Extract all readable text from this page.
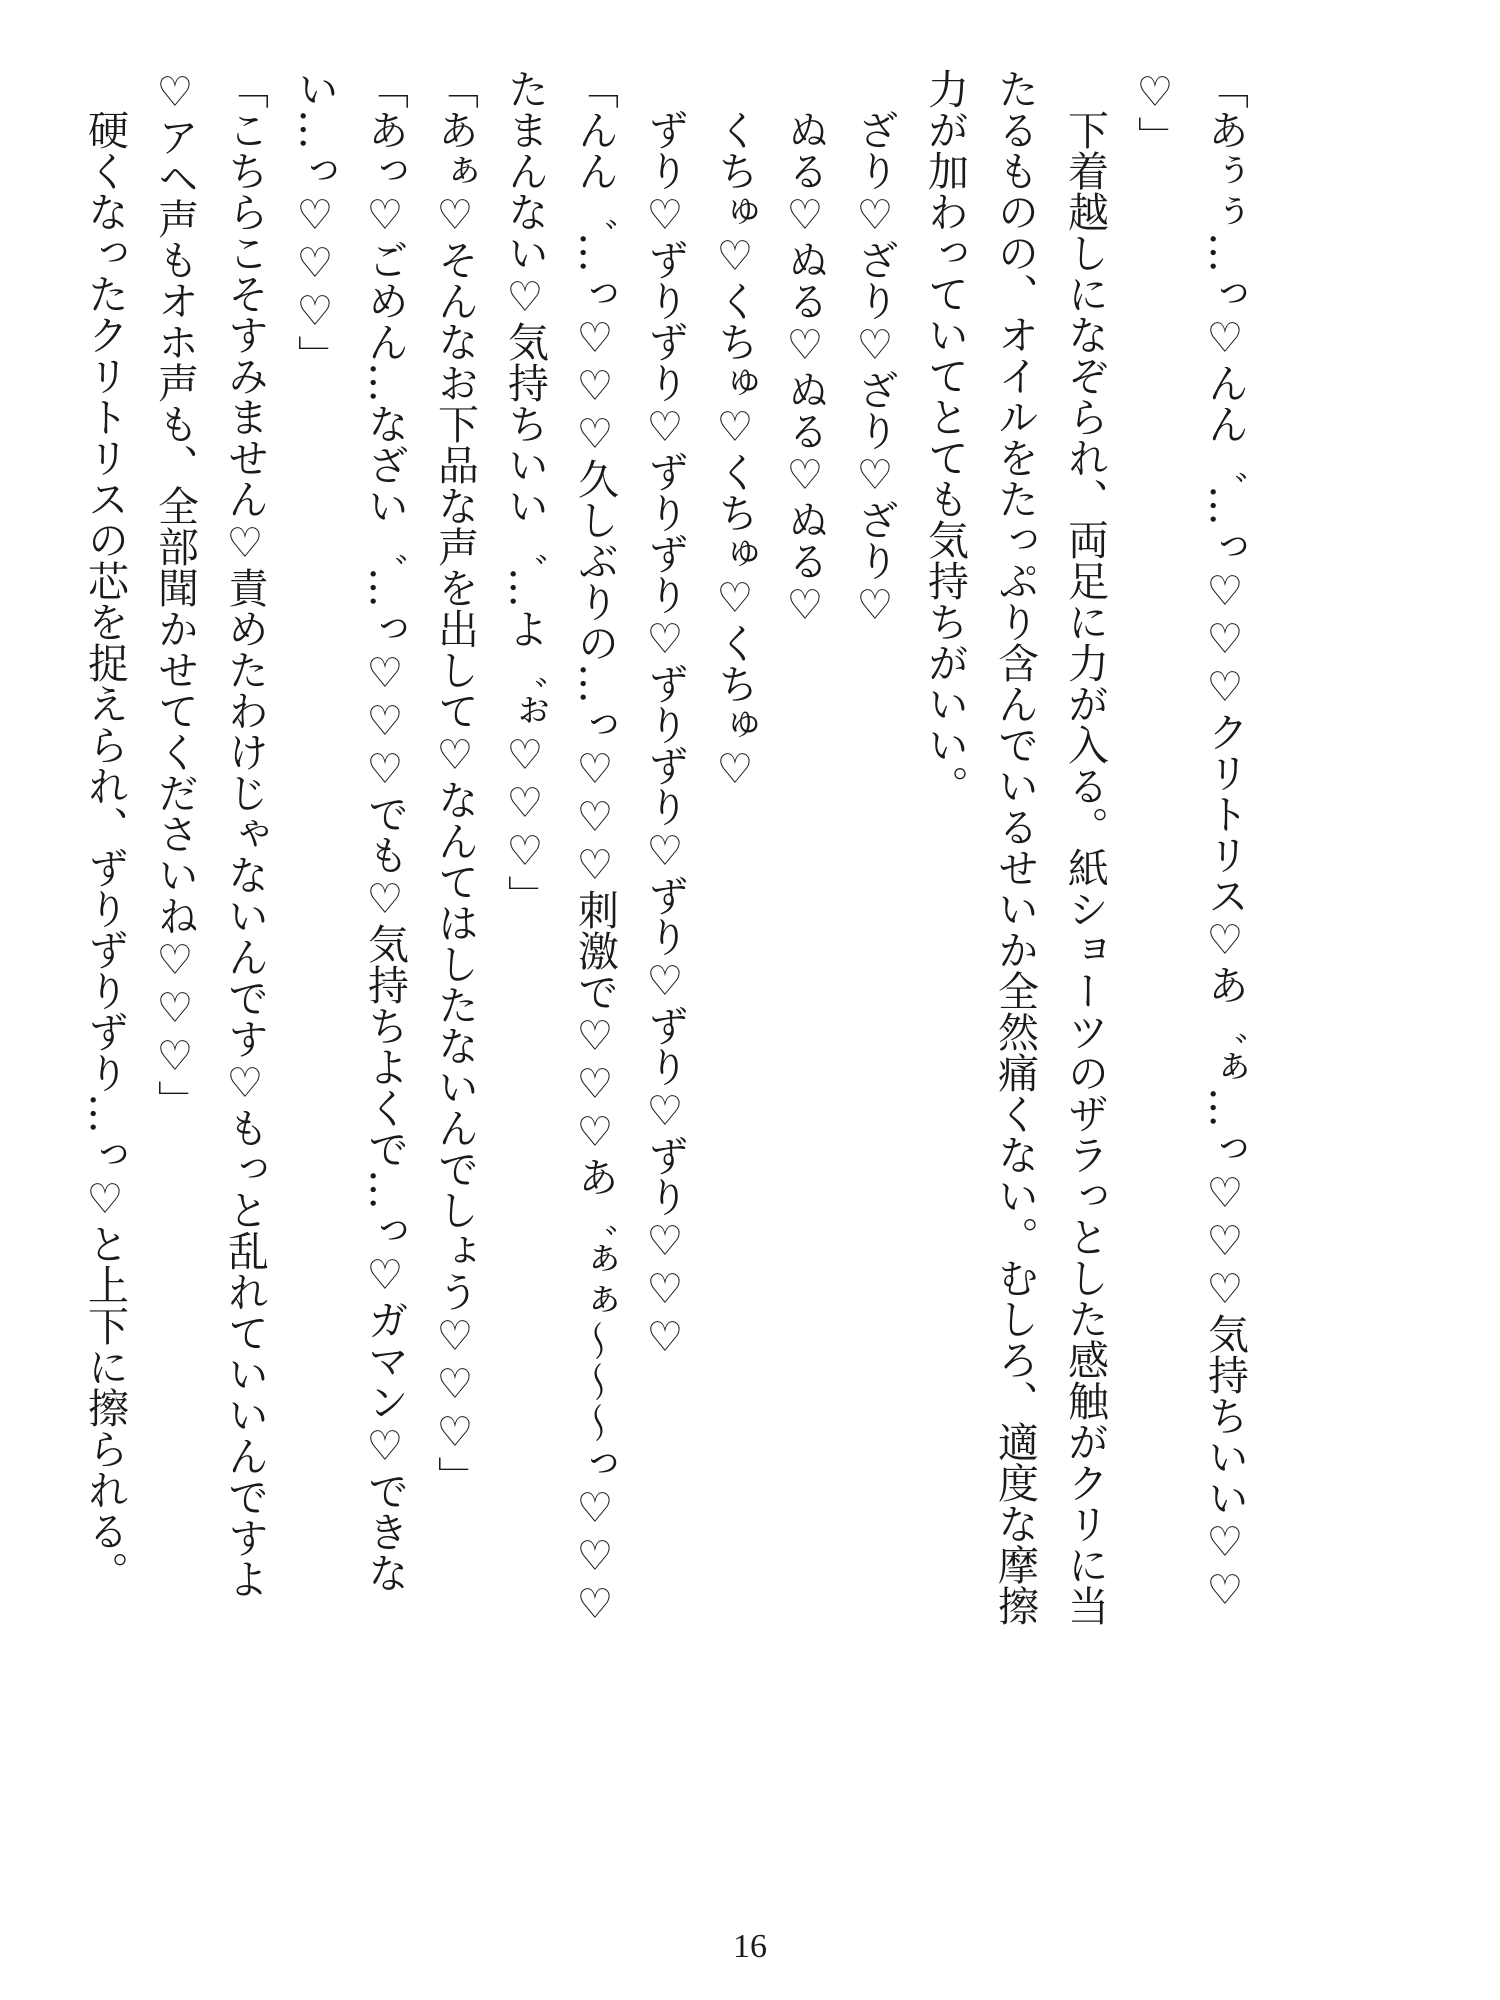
「あぅぅ…っ♡んん゛…っ♡♡♡クリトリス♡あ゛ぁ…っ♡♡♡気持ちいい♡♡♡」
　下着越しになぞられ、両足に力が入る。紙ショーツのザラっとした感触がクリに当たるものの、オイルをたっぷり含んでいるせいか全然痛くない。むしろ、適度な摩擦力が加わっていてとても気持ちがいい。
　ざり♡ざり♡ざり♡ざり♡
　ぬる♡ぬる♡ぬる♡ぬる♡
　くちゅ♡くちゅ♡くちゅ♡くちゅ♡
　ずり♡ずりずり♡ずりずり♡ずりずり♡ずり♡ずり♡ずり♡♡♡
「んん゛…っ♡♡♡久しぶりの…っ♡♡♡刺激で♡♡♡あ゛ぁぁ〜〜〜っ♡♡♡たまんない♡気持ちいい゛…よ゛ぉ♡♡♡」
「あぁ♡そんなお下品な声を出して♡なんてはしたないんでしょう♡♡♡」
「あっ♡ごめん…なざい゛…っ♡♡♡でも♡気持ちよくで…っ♡ガマン♡できない…っ♡♡♡」
「こちらこそすみません♡責めたわけじゃないんです♡もっと乱れていいんですよ♡アヘ声もオホ声も、全部聞かせてくださいね♡♡♡」
　硬くなったクリトリスの芯を捉えられ、ずりずりずり…っ♡と上下に擦られる。
16
